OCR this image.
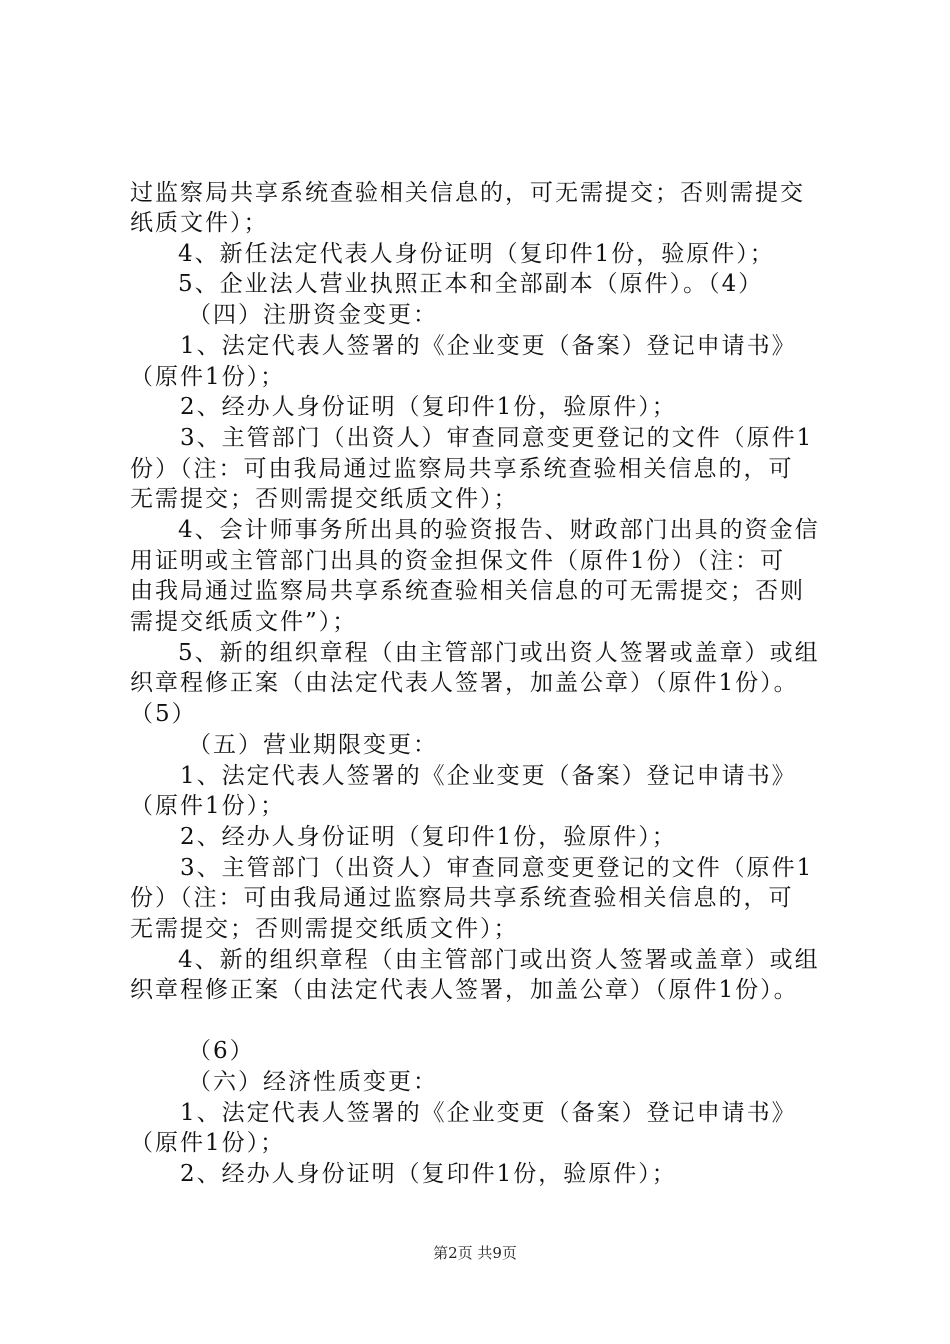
过监察局共享系统查验相关信息的，可无需提交；否则需提交
纸质文件）；
4、新任法定代表人身份证明（复印件1份，验原件）；
5、企业法人营业执照正本和全部副本（原件）。（4）
（四）注册资金变更：
1、法定代表人签署的《企业变更（备案）登记申请书》
（原件1份）；
2、经办人身份证明（复印件1份，验原件）；
3、主管部门（出资人）审查同意变更登记的文件（原件1
份）（注：可由我局通过监察局共享系统查验相关信息的，可
无需提交；否则需提交纸质文件）；
4、会计师事务所出具的验资报告、财政部门出具的资金信
用证明或主管部门出具的资金担保文件（原件1份）（注：可
由我局通过监察局共享系统查验相关信息的可无需提交；否则
需提交纸质文件”）；
5、新的组织章程（由主管部门或出资人签署或盖章）或组
织章程修正案（由法定代表人签署，加盖公章）（原件1份）。
（5）
（五）营业期限变更：
1、法定代表人签署的《企业变更（备案）登记申请书》
（原件1份）；
2、经办人身份证明（复印件1份，验原件）；
3、主管部门（出资人）审查同意变更登记的文件（原件1
份）（注：可由我局通过监察局共享系统查验相关信息的，可
无需提交；否则需提交纸质文件）；
4、新的组织章程（由主管部门或出资人签署或盖章）或组
织章程修正案（由法定代表人签署，加盖公章）（原件1份）。
（6）
（六）经济性质变更：
1、法定代表人签署的《企业变更（备案）登记申请书》
（原件1份）；
2、经办人身份证明（复印件1份，验原件）；
第2页 共9页
